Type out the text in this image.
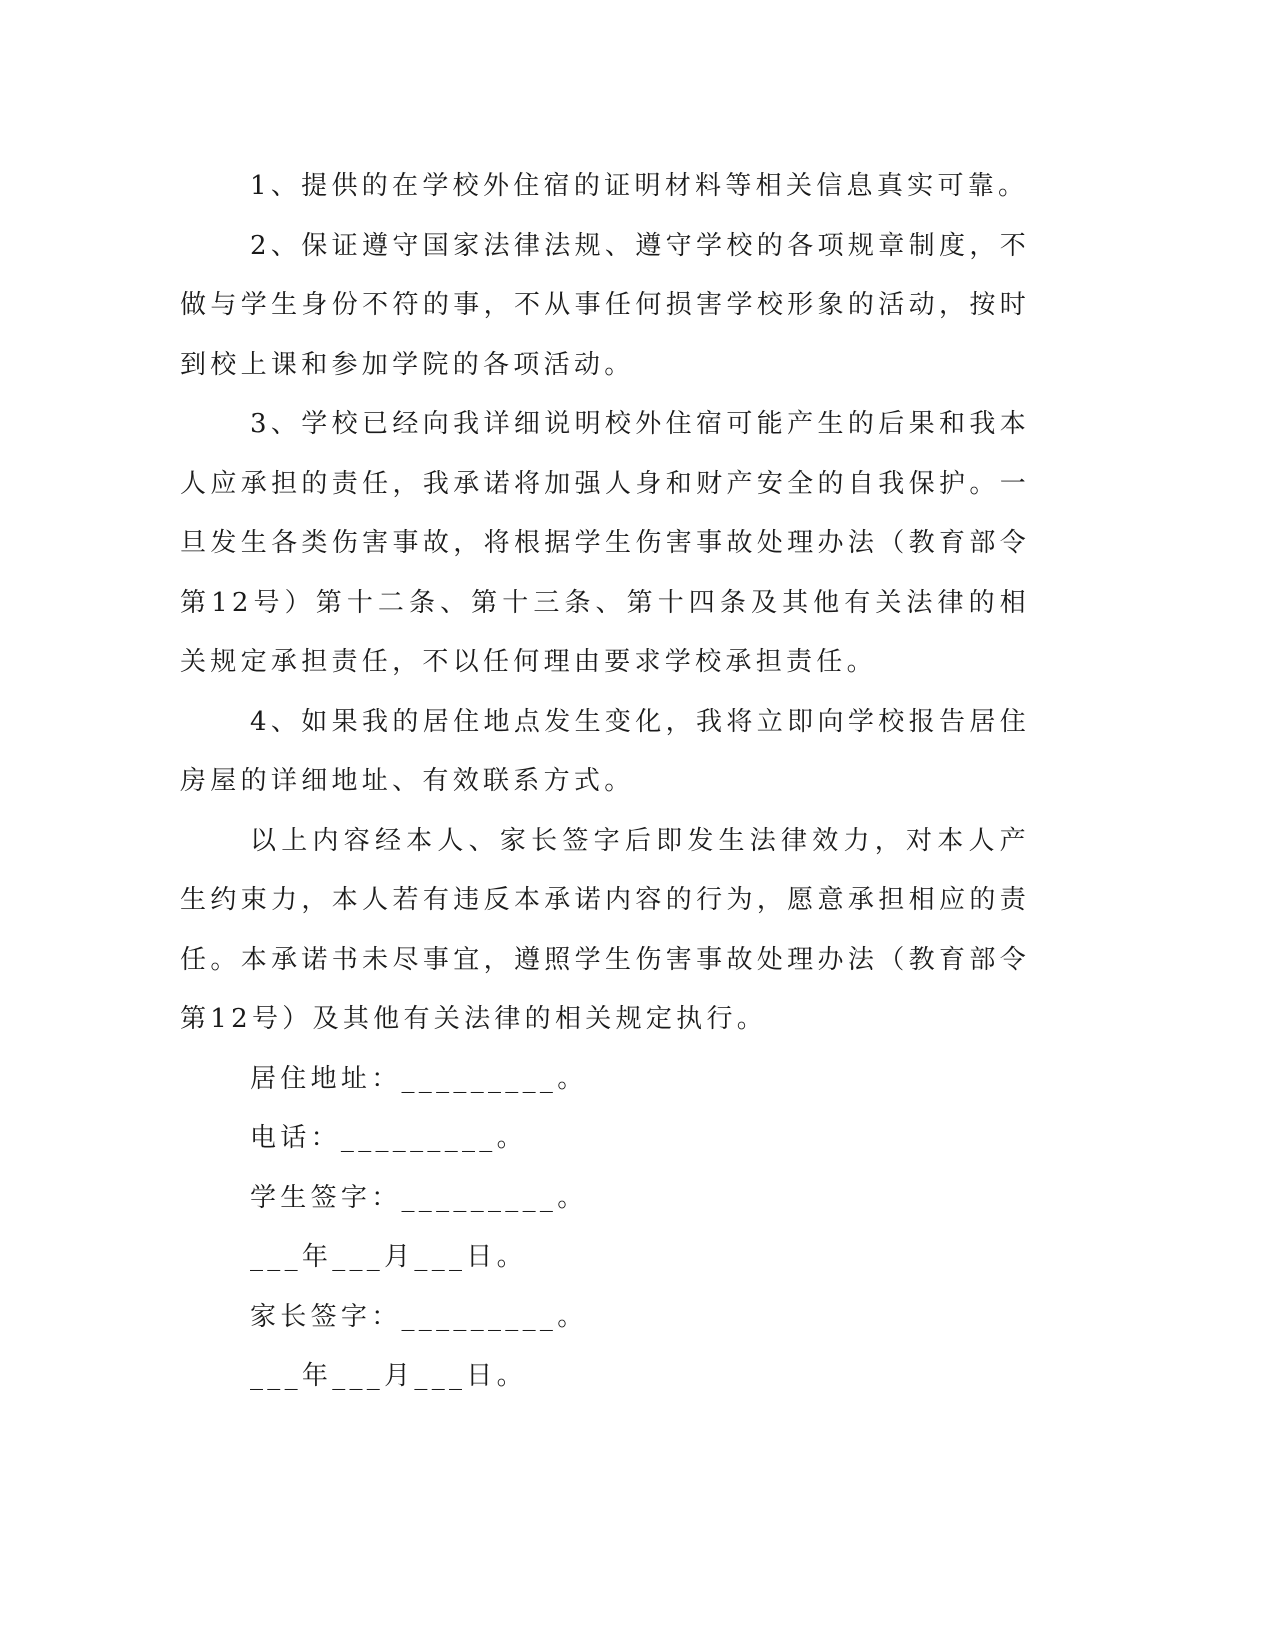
1、提供的在学校外住宿的证明材料等相关信息真实可靠。

2、保证遵守国家法律法规、遵守学校的各项规章制度，不做与学生身份不符的事，不从事任何损害学校形象的活动，按时到校上课和参加学院的各项活动。

3、学校已经向我详细说明校外住宿可能产生的后果和我本人应承担的责任，我承诺将加强人身和财产安全的自我保护。一旦发生各类伤害事故，将根据学生伤害事故处理办法（教育部令第12号）第十二条、第十三条、第十四条及其他有关法律的相关规定承担责任，不以任何理由要求学校承担责任。

4、如果我的居住地点发生变化，我将立即向学校报告居住房屋的详细地址、有效联系方式。

以上内容经本人、家长签字后即发生法律效力，对本人产生约束力，本人若有违反本承诺内容的行为，愿意承担相应的责任。本承诺书未尽事宜，遵照学生伤害事故处理办法（教育部令第12号）及其他有关法律的相关规定执行。

居住地址：_________。

电话：_________。

学生签字：_________。

___年___月___日。

家长签字：_________。

___年___月___日。
